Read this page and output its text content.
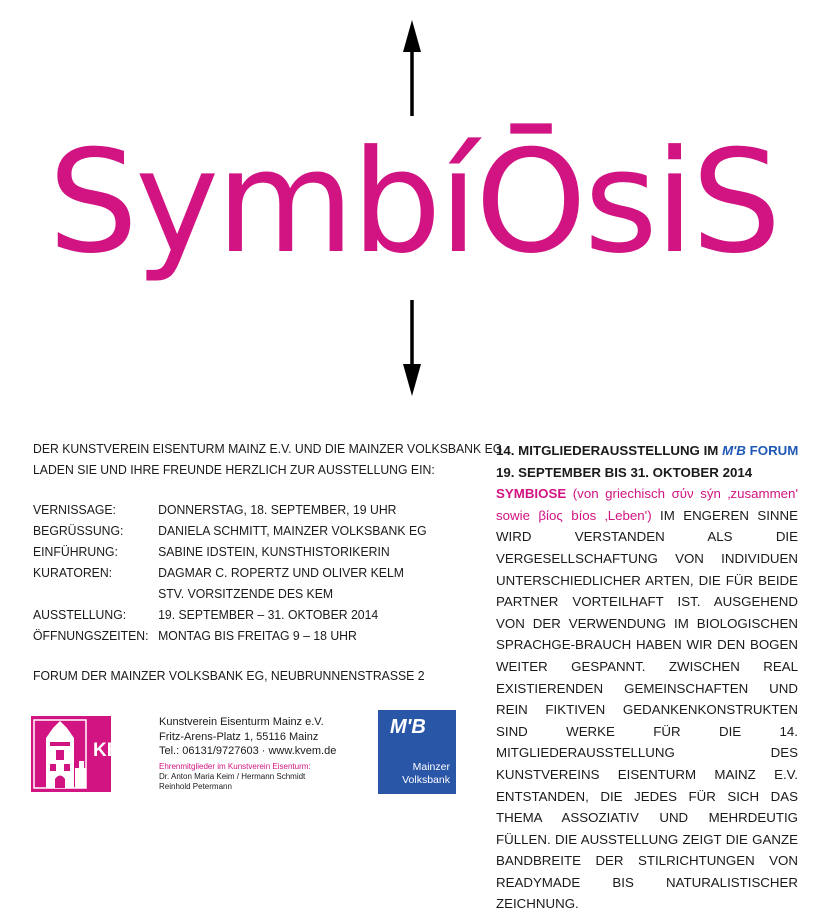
SymbíŌsiS

DER KUNSTVEREIN EISENTURM MAINZ E.V. UND DIE MAINZER VOLKSBANK EG

LADEN SIE UND IHRE FREUNDE HERZLICH ZUR AUSSTELLUNG EIN:

VERNISSAGE:	DONNERSTAG, 18. SEPTEMBER, 19 UHR
BEGRÜSSUNG:	DANIELA SCHMITT, MAINZER VOLKSBANK EG
EINFÜHRUNG:	SABINE IDSTEIN, KUNSTHISTORIKERIN
KURATOREN:	DAGMAR C. ROPERTZ UND OLIVER KELM
STV. VORSITZENDE DES KEM
AUSSTELLUNG:	19. SEPTEMBER – 31. OKTOBER 2014
ÖFFNUNGSZEITEN: MONTAG BIS FREITAG 9 – 18 UHR

FORUM DER MAINZER VOLKSBANK EG, NEUBRUNNENSTRASSE 2

14. MITGLIEDERAUSSTELLUNG IM M'B FORUM

19. SEPTEMBER BIS 31. OKTOBER 2014

SYMBIOSE (von griechisch σύν sýn ‚zusammen' sowie βίος bíos ‚Leben') IM ENGEREN SINNE WIRD VERSTANDEN ALS DIE VERGESELLSCHAFTUNG VON INDIVIDUEN UNTERSCHIEDLICHER ARTEN, DIE FÜR BEIDE PARTNER VORTEILHAFT IST. AUSGEHEND VON DER VERWENDUNG IM BIOLOGISCHEN SPRACHGE-BRAUCH HABEN WIR DEN BOGEN WEITER GESPANNT. ZWISCHEN REAL EXISTIERENDEN GEMEINSCHAFTEN UND REIN FIKTIVEN GEDANKENKONSTRUKTEN SIND WERKE FÜR DIE 14. MITGLIEDERAUSSTELLUNG DES KUNSTVEREINS EISENTURM MAINZ E.V. ENTSTANDEN, DIE JEDES FÜR SICH DAS THEMA ASSOZIATIV UND MEHRDEUTIG FÜLLEN. DIE AUSSTELLUNG ZEIGT DIE GANZE BANDBREITE DER STILRICHTUNGEN VON READYMADE BIS NATURALISTISCHER ZEICHNUNG.

KEM

Kunstverein Eisenturm Mainz e.V.

Fritz-Arens-Platz 1, 55116 Mainz

Tel.: 06131/9727603 · www.kvem.de

Ehrenmitglieder im Kunstverein Eisenturm:

Dr. Anton Maria Keim / Hermann Schmidt

Reinhold Petermann

M'B
Mainzer
Volksbank
